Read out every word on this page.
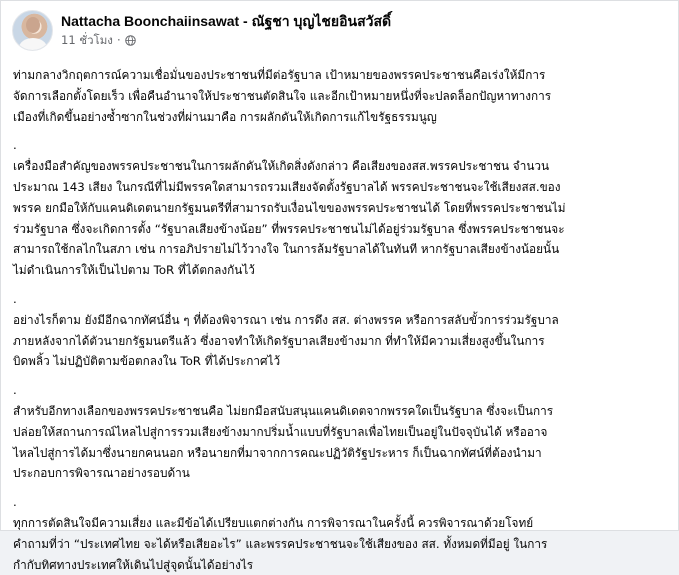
Nattacha Boonchaiinsawat - ณัฐชา บุญไชยอินสวัสดิ์
11 ชั่วโมง ·

ท่ามกลางวิกฤตการณ์ความเชื่อมั่นของประชาชนที่มีต่อรัฐบาล เป้าหมายของพรรคประชาชนคือเร่งให้มีการ
จัดการเลือกตั้งโดยเร็ว เพื่อคืนอำนาจให้ประชาชนตัดสินใจ และอีกเป้าหมายหนึ่งที่จะปลดล็อกปัญหาทางการ
เมืองที่เกิดขึ้นอย่างซ้ำซากในช่วงที่ผ่านมาคือ การผลักดันให้เกิดการแก้ไขรัฐธรรมนูญ

.

เครื่องมือสำคัญของพรรคประชาชนในการผลักดันให้เกิดสิ่งดังกล่าว คือเสียงของสส.พรรคประชาชน จำนวน
ประมาณ 143 เสียง ในกรณีที่ไม่มีพรรคใดสามารถรวมเสียงจัดตั้งรัฐบาลได้ พรรคประชาชนจะใช้เสียงสส.ของ
พรรค ยกมือให้กับแคนดิเดตนายกรัฐมนตรีที่สามารถรับเงื่อนไขของพรรคประชาชนได้ โดยที่พรรคประชาชนไม่
ร่วมรัฐบาล ซึ่งจะเกิดการตั้ง “รัฐบาลเสียงข้างน้อย” ที่พรรคประชาชนไม่ได้อยู่ร่วมรัฐบาล ซึ่งพรรคประชาชนจะ
สามารถใช้กลไกในสภา เช่น การอภิปรายไม่ไว้วางใจ ในการล้มรัฐบาลได้ในทันที หากรัฐบาลเสียงข้างน้อยนั้น
ไม่ดำเนินการให้เป็นไปตาม ToR ที่ได้ตกลงกันไว้

.

อย่างไรก็ตาม ยังมีอีกฉากทัศน์อื่น ๆ ที่ต้องพิจารณา เช่น การดึง สส. ต่างพรรค หรือการสลับขั้วการร่วมรัฐบาล
ภายหลังจากได้ตัวนายกรัฐมนตรีแล้ว ซึ่งอาจทำให้เกิดรัฐบาลเสียงข้างมาก ที่ทำให้มีความเสี่ยงสูงขึ้นในการ
บิดพลิ้ว ไม่ปฏิบัติตามข้อตกลงใน ToR ที่ได้ประกาศไว้

.

สำหรับอีกทางเลือกของพรรคประชาชนคือ ไม่ยกมือสนับสนุนแคนดิเดตจากพรรคใดเป็นรัฐบาล ซึ่งจะเป็นการ
ปล่อยให้สถานการณ์ไหลไปสู่การรวมเสียงข้างมากปริ่มน้ำแบบที่รัฐบาลเพื่อไทยเป็นอยู่ในปัจจุบันได้ หรืออาจ
ไหลไปสู่การได้มาซึ่งนายกคนนอก หรือนายกที่มาจากการคณะปฏิวัติรัฐประหาร ก็เป็นฉากทัศน์ที่ต้องนำมา
ประกอบการพิจารณาอย่างรอบด้าน

.

ทุกการตัดสินใจมีความเสี่ยง และมีข้อได้เปรียบแตกต่างกัน การพิจารณาในครั้งนี้ ควรพิจารณาด้วยโจทย์
คำถามที่ว่า “ประเทศไทย จะได้หรือเสียอะไร” และพรรคประชาชนจะใช้เสียงของ สส. ทั้งหมดที่มีอยู่ ในการ
กำกับทิศทางประเทศให้เดินไปสู่จุดนั้นได้อย่างไร
